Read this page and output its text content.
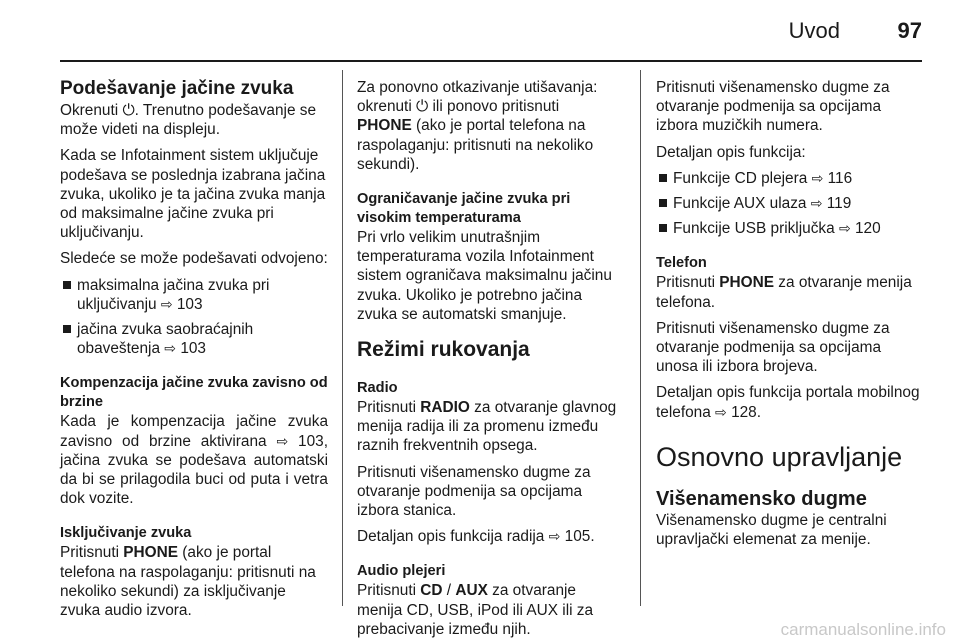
Uvod	97
Podešavanje jačine zvuka

Okrenuti ⏻. Trenutno podešavanje se može videti na displeju.

Kada se Infotainment sistem uključuje podešava se poslednja izabrana jačina zvuka, ukoliko je ta jačina zvuka manja od maksimalne jačine zvuka pri uključivanju.

Sledeće se može podešavati odvojeno:

maksimalna jačina zvuka pri uključivanju ⇨ 103
jačina zvuka saobraćajnih obaveštenja ⇨ 103
Kompenzacija jačine zvuka zavisno od brzine

Kada je kompenzacija jačine zvuka zavisno od brzine aktivirana ⇨ 103, jačina zvuka se podešava automatski da bi se prilagodila buci od puta i vetra dok vozite.

Isključivanje zvuka

Pritisnuti PHONE (ako je portal telefona na raspolaganju: pritisnuti na nekoliko sekundi) za isključivanje zvuka audio izvora.

Za ponovno otkazivanje utišavanja: okrenuti ⏻ ili ponovo pritisnuti
PHONE (ako je portal telefona na raspolaganju: pritisnuti na nekoliko sekundi).

Ograničavanje jačine zvuka pri visokim temperaturama

Pri vrlo velikim unutrašnjim temperaturama vozila Infotainment sistem ograničava maksimalnu jačinu zvuka. Ukoliko je potrebno jačina zvuka se automatski smanjuje.

Režimi rukovanja
Radio

Pritisnuti RADIO za otvaranje glavnog menija radija ili za promenu između raznih frekventnih opsega.

Pritisnuti višenamensko dugme za otvaranje podmenija sa opcijama izbora stanica.

Detaljan opis funkcija radija ⇨ 105.

Audio plejeri

Pritisnuti CD / AUX za otvaranje menija CD, USB, iPod ili AUX ili za prebacivanje između njih.

Pritisnuti višenamensko dugme za otvaranje podmenija sa opcijama izbora muzičkih numera.

Detaljan opis funkcija:

Funkcije CD plejera ⇨ 116
Funkcije AUX ulaza ⇨ 119
Funkcije USB priključka ⇨ 120
Telefon

Pritisnuti PHONE za otvaranje menija telefona.

Pritisnuti višenamensko dugme za otvaranje podmenija sa opcijama unosa ili izbora brojeva.

Detaljan opis funkcija portala mobilnog telefona ⇨ 128.

Osnovno upravljanje
Višenamensko dugme

Višenamensko dugme je centralni upravljački elemenat za menije.

carmanualsonline.info
